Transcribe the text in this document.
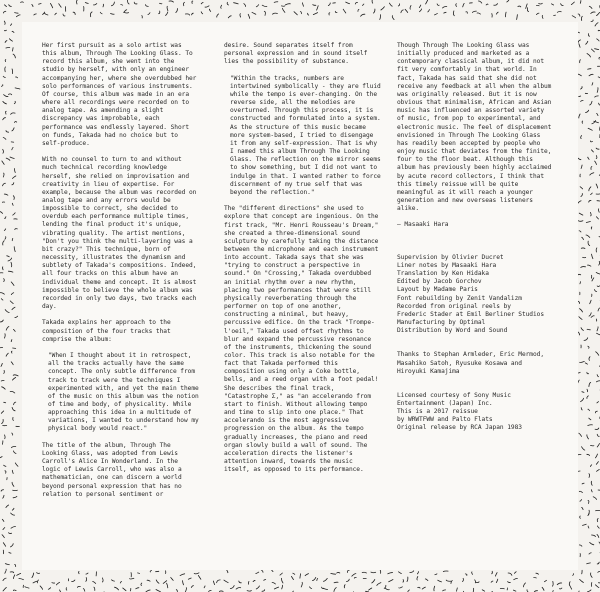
Her first pursuit as a solo artist was this album, Through The Looking Glass. To record this album, she went into the studio by herself, with only an engineer accompanying her, where she overdubbed her solo performances of various instruments. Of course, this album was made in an era where all recordings were recorded on to analog tape. As amending a slight discrepancy was improbable, each performance was endlessly layered. Short on funds, Takada had no choice but to self-produce.

With no counsel to turn to and without much technical recording knowledge herself, she relied on improvisation and creativity in lieu of expertise. For example, because the album was recorded on analog tape and any errors would be impossible to correct, she decided to overdub each performance multiple times, lending the final product it's unique, vibrating quality. The artist mentions, "Don't you think the multi-layering was a bit crazy?" This technique, born of necessity, illustrates the dynamism and subtlety of Takada's compositions. Indeed, all four tracks on this album have an individual theme and concept. It is almost impossible to believe the whole album was recorded in only two days, two tracks each day.

Takada explains her approach to the composition of the four tracks that comprise the album:

"When I thought about it in retrospect, all the tracks actually have the same concept. The only subtle difference from track to track were the techniques I experimented with, and yet the main theme of the music on this album was the notion of time and body, of physicality. While approaching this idea in a multitude of variations, I wanted to understand how my physical body would react."

The title of the album, Through The Looking Glass, was adopted from Lewis Carroll's Alice In Wonderland. In the logic of Lewis Carroll, who was also a mathematician, one can discern a world beyond personal expression that has no relation to personal sentiment or

desire. Sound separates itself from personal expression and in sound itself lies the possibility of substance.

"Within the tracks, numbers are intertwined symbolically - they are fluid while the tempo is ever-changing. On the reverse side, all the melodies are overturned. Through this process, it is constructed and formulated into a system. As the structure of this music became more system-based, I tried to disengage it from any self-expression. That is why I named this album Through The Looking Glass. The reflection on the mirror seems to show something, but I did not want to indulge in that. I wanted rather to force discernment of my true self that was beyond the reflection."

The "different directions" she used to explore that concept are ingenious. On the first track, "Mr. Henri Rousseau's Dream," she created a three-dimensional sound sculpture by carefully taking the distance between the microphone and each instrument into account. Takada says that she was "trying to construct a perspective in sound." On "Crossing," Takada overdubbed an initial rhythm over a new rhythm, placing two performances that were still physically reverberating through the performer on top of one another, constructing a minimal, but heavy, percussive edifice. On the track "Trompe-l'oeil," Takada used offset rhythms to blur and expand the percussive resonance of the instruments, thickening the sound color. This track is also notable for the fact that Takada performed this composition using only a Coke bottle, bells, and a reed organ with a foot pedal! She describes the final track, "Catastrophe Σ," as "an accelerando from start to finish. Without allowing tempo and time to slip into one place." That accelerando is the most aggressive progression on the album. As the tempo gradually increases, the piano and reed organ slowly build a wall of sound. The acceleration directs the listener's attention inward, towards the music itself, as opposed to its performance.

Though Through The Looking Glass was initially produced and marketed as a contemporary classical album, it did not fit very comfortably in that world. In fact, Takada has said that she did not receive any feedback at all when the album was originally released. But it is now obvious that minimalism, African and Asian music has influenced an assorted variety of music, from pop to experimental, and electronic music. The feel of displacement envisioned in Through The Looking Glass has readily been accepted by people who enjoy music that deviates from the finite, four to the floor beat. Although this album has previously been highly acclaimed by acute record collectors, I think that this timely reissue will be quite meaningful as it will reach a younger generation and new overseas listeners alike.

— Masaaki Hara

Supervision by Olivier Ducret

Liner notes by Masaaki Hara

Translation by Ken Hidaka

Edited by Jacob Gorchov

Layout by Madame Paris

Font rebuilding by Zenit Vandalizm

Recorded from original reels by

Frederic Stader at Emil Berliner Studios

Manufacturing by Optimal

Distribution by Word and Sound

Thanks to Stephan Armleder, Eric Mermod,

Masahiko Satoh, Ryusuke Kosawa and

Hiroyuki Kamajima

Licensed courtesy of Sony Music

Entertainment (Japan) Inc.

This is a 2017 reissue

by WRWTFWW and Palto Flats

Original release by RCA Japan 1983
